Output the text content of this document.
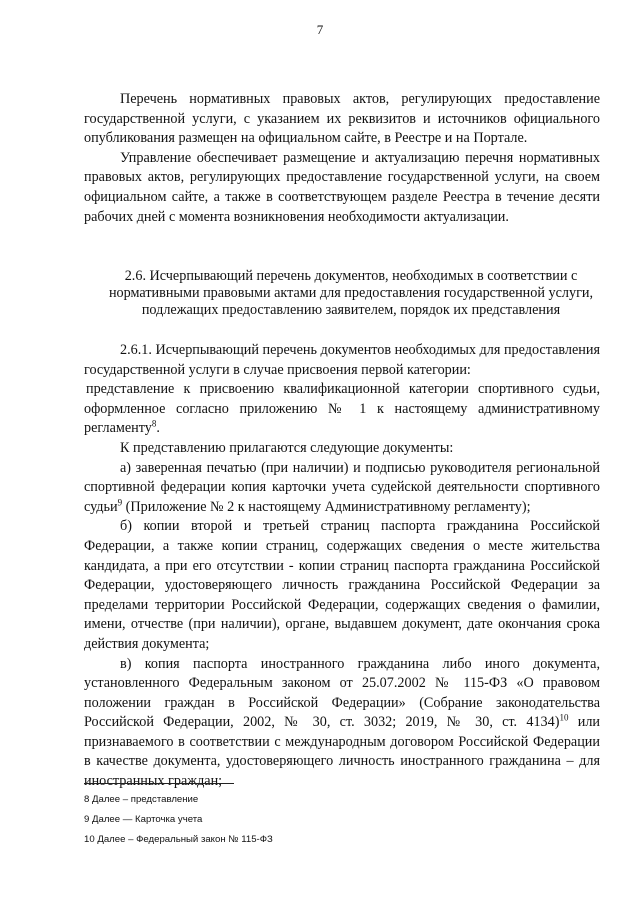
7

Перечень нормативных правовых актов, регулирующих предоставление государственной услуги, с указанием их реквизитов и источников официального опубликования размещен на официальном сайте, в Реестре и на Портале.

Управление обеспечивает размещение и актуализацию перечня нормативных правовых актов, регулирующих предоставление государственной услуги, на своем официальном сайте, а также в соответствующем разделе Реестра в течение десяти рабочих дней с момента возникновения необходимости актуализации.

2.6. Исчерпывающий перечень документов, необходимых в соответствии с нормативными правовыми актами для предоставления государственной услуги, подлежащих предоставлению заявителем, порядок их представления

2.6.1. Исчерпывающий перечень документов необходимых для предоставления государственной услуги в случае присвоения первой категории:

представление к присвоению квалификационной категории спортивного судьи, оформленное согласно приложению № 1 к настоящему административному регламенту$^8$.

К представлению прилагаются следующие документы:

а) заверенная печатью (при наличии) и подписью руководителя региональной спортивной федерации копия карточки учета судейской деятельности спортивного судьи$^9$ (Приложение № 2 к настоящему Административному регламенту);

б) копии второй и третьей страниц паспорта гражданина Российской Федерации, а также копии страниц, содержащих сведения о месте жительства кандидата, а при его отсутствии - копии страниц паспорта гражданина Российской Федерации, удостоверяющего личность гражданина Российской Федерации за пределами территории Российской Федерации, содержащих сведения о фамилии, имени, отчестве (при наличии), органе, выдавшем документ, дате окончания срока действия документа;

в) копия паспорта иностранного гражданина либо иного документа, установленного Федеральным законом от 25.07.2002 № 115-ФЗ «О правовом положении граждан в Российской Федерации» (Собрание законодательства Российской Федерации, 2002, № 30, ст. 3032; 2019, № 30, ст. 4134)$^{10}$ или признаваемого в соответствии с международным договором Российской Федерации в качестве документа, удостоверяющего личность иностранного гражданина – для иностранных граждан;

8 Далее – представление

9 Далее — Карточка учета

10 Далее – Федеральный закон № 115-ФЗ
